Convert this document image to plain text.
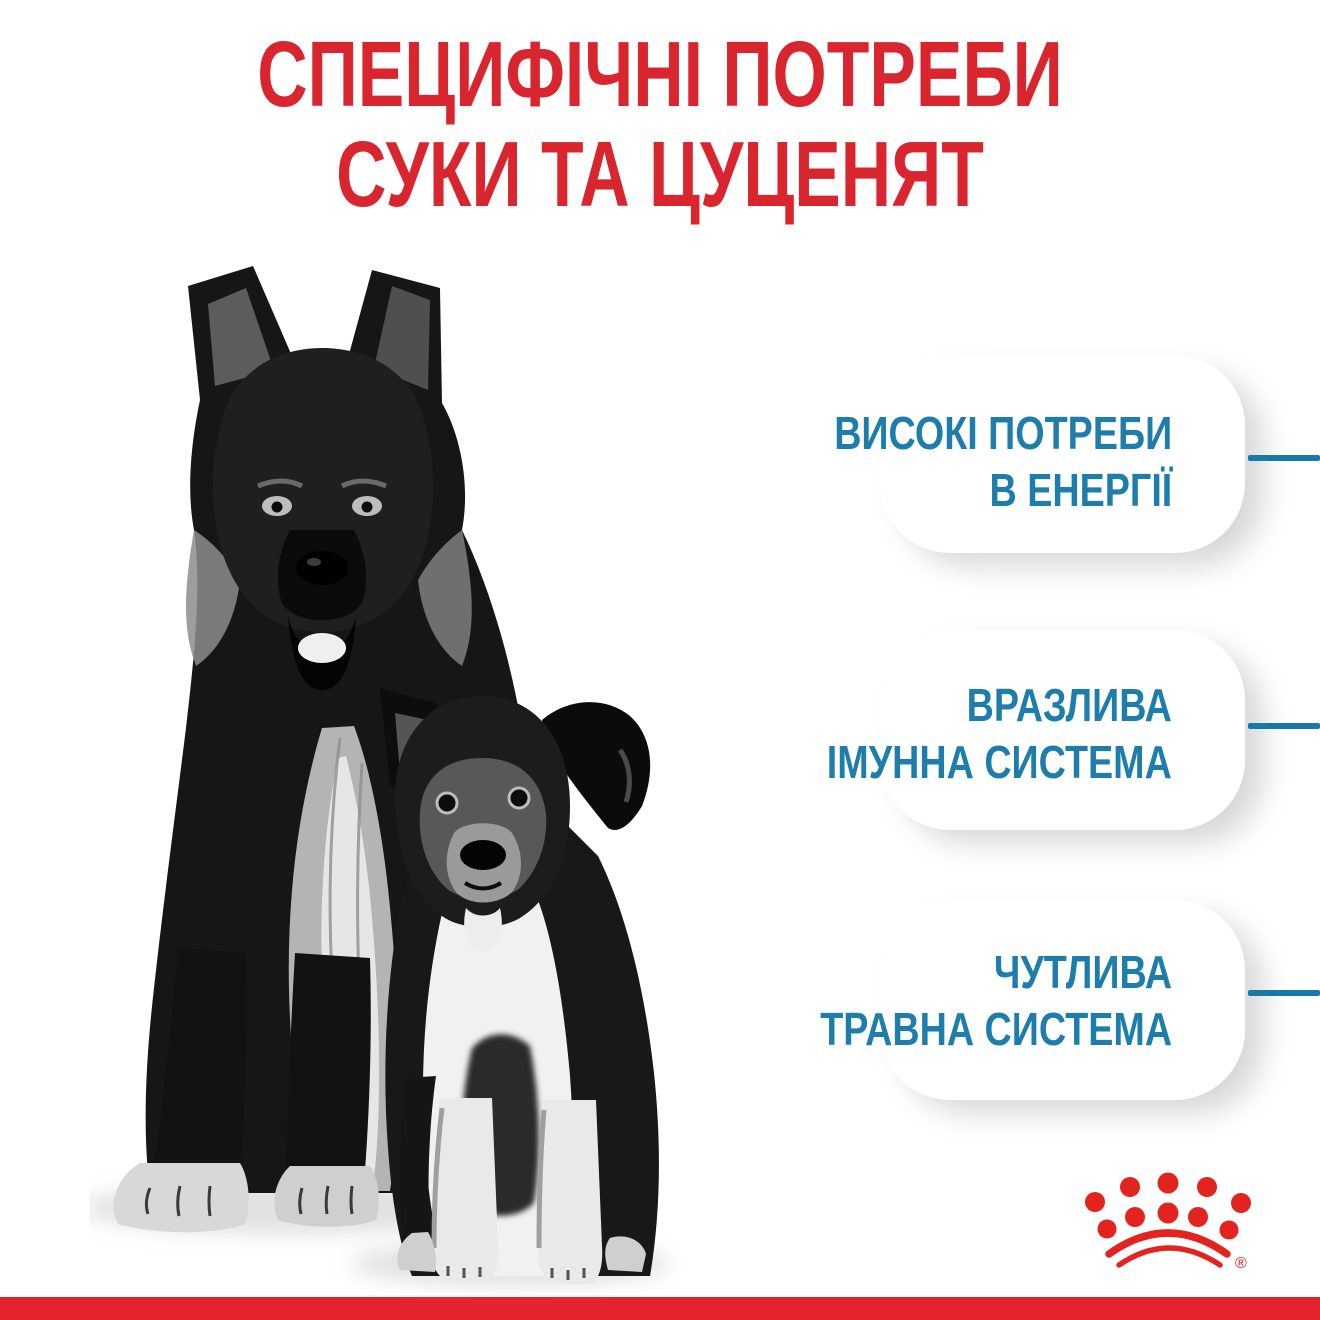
СПЕЦИФІЧНІ ПОТРЕБИ
СУКИ ТА ЦУЦЕНЯТ
ВИСОКІ ПОТРЕБИ
В ЕНЕРГІЇ
ВРАЗЛИВА
ІМУННА СИСТЕМА
ЧУТЛИВА
ТРАВНА СИСТЕМА
®
